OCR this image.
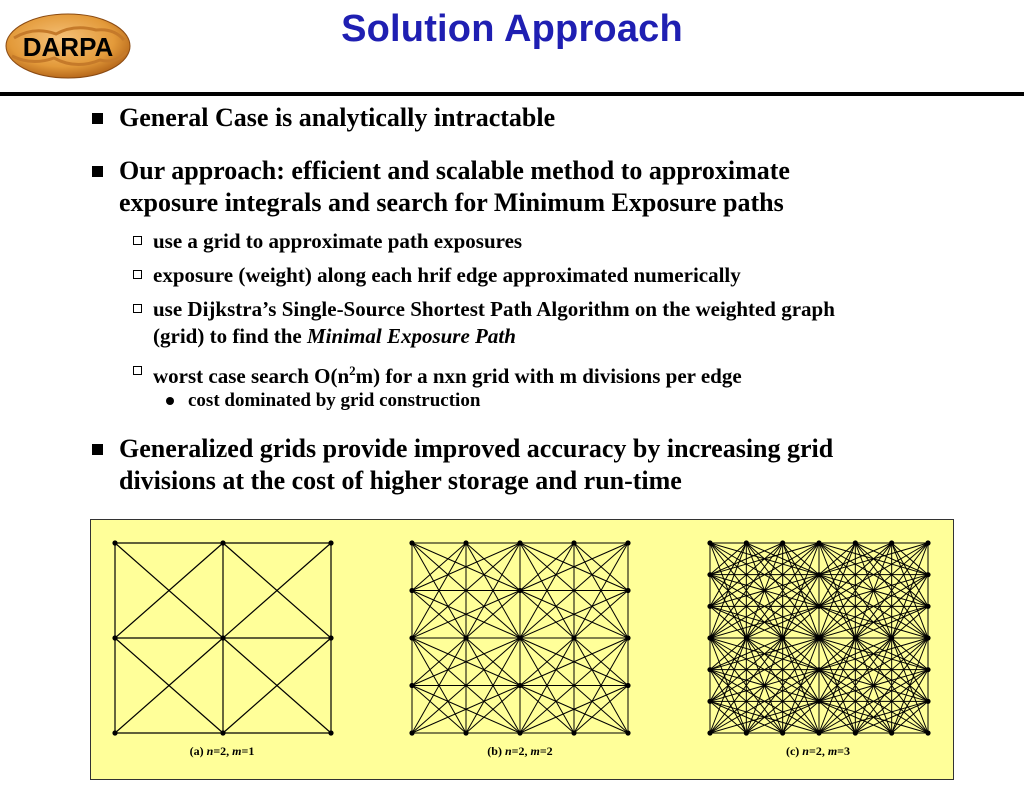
DARPA	Solution Approach
General Case is analytically intractable
Our approach: efficient and scalable method to approximate
exposure integrals and search for Minimum Exposure paths
use a grid to approximate path exposures
exposure (weight) along each hrif edge approximated numerically
use Dijkstra’s Single-Source Shortest Path Algorithm on the weighted graph
(grid) to find the Minimal Exposure Path
worst case search $O(n^2m)$ for a nxn grid with m divisions per edge
cost dominated by grid construction
Generalized grids provide improved accuracy by increasing grid
divisions at the cost of higher storage and run-time
(a) n=2, m=1	(b) n=2, m=2	(c) n=2, m=3
